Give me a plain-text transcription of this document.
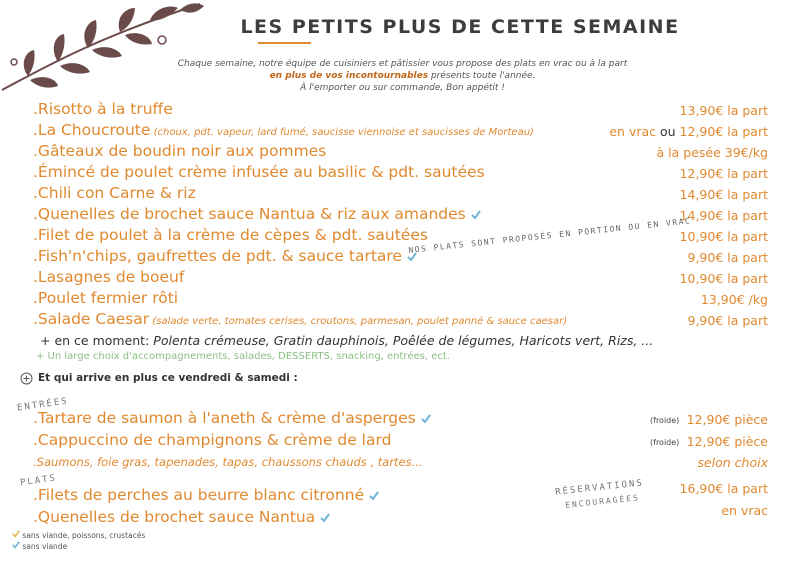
LES PETITS PLUS DE CETTE SEMAINE
Chaque semaine, notre équipe de cuisiniers et pâtissier vous propose des plats en vrac ou à la part
en plus de vos incontournables présents toute l'année.
À l'emporter ou sur commande, Bon appétit !
.Risotto à la truffe	13,90€ la part
.La Choucroute (choux, pdt. vapeur, lard fumé, saucisse viennoise et saucisses de Morteau)	en vrac ou 12,90€ la part
.Gâteaux de boudin noir aux pommes	à la pesée 39€/kg
.Émincé de poulet crème infusée au basilic & pdt. sautées	12,90€ la part
.Chili con Carne & riz	14,90€ la part
.Quenelles de brochet sauce Nantua & riz aux amandes	14,90€ la part
.Filet de poulet à la crème de cèpes & pdt. sautées	10,90€ la part
.Fish'n'chips, gaufrettes de pdt. & sauce tartare	9,90€ la part
NOS PLATS SONT PROPOSÉS EN PORTION OU EN VRAC
.Lasagnes de boeuf	10,90€ la part
.Poulet fermier rôti	13,90€ /kg
.Salade Caesar (salade verte, tomates cerises, croutons, parmesan, poulet panné & sauce caesar)	9,90€ la part
+ en ce moment: Polenta crémeuse, Gratin dauphinois, Poêlée de légumes, Haricots vert, Rizs, ...
+ Un large choix d'accompagnements, salades, DESSERTS, snacking, entrées, ect.
Et qui arrive en plus ce vendredi & samedi :
ENTRÉES
.Tartare de saumon à l'aneth & crème d'asperges	(froide) 12,90€ pièce
.Cappuccino de champignons & crème de lard	(froide) 12,90€ pièce
.Saumons, foie gras, tapenades, tapas, chaussons chauds , tartes...	selon choix
PLATS
.Filets de perches au beurre blanc citronné	16,90€ la part
.Quenelles de brochet sauce Nantua	en vrac
RÉSERVATIONS
ENCOURAGÉES
sans viande, poissons, crustacés
sans viande
